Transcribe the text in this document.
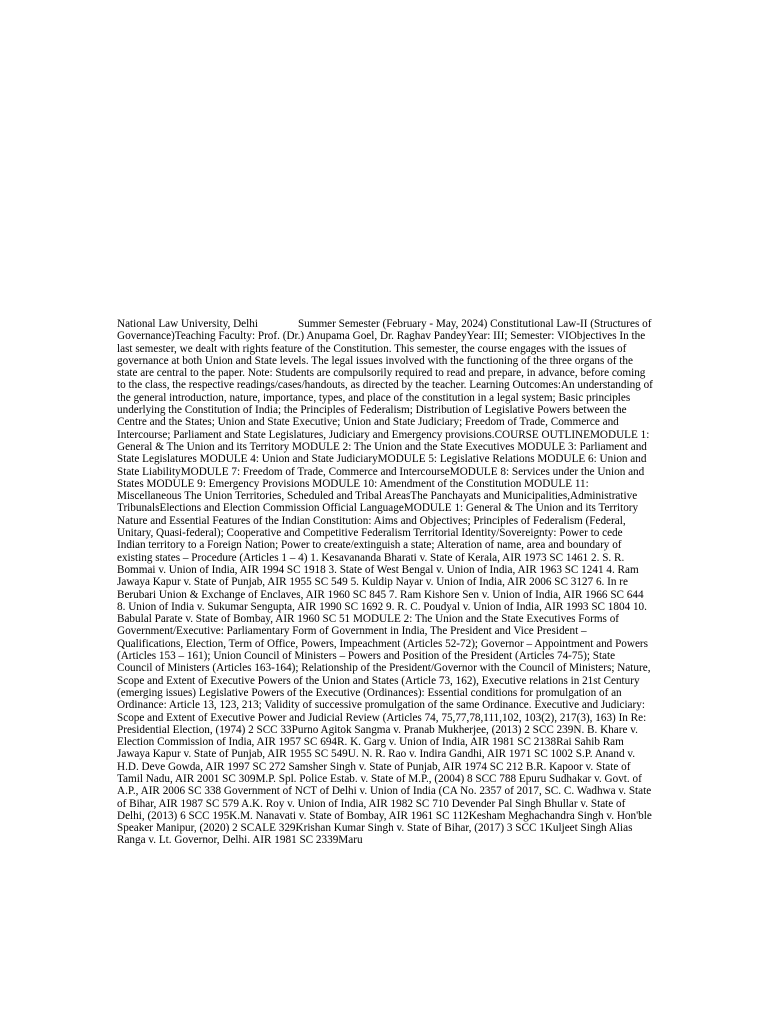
National Law University, Delhi	Summer Semester (February - May, 2024) Constitutional Law-II (Structures of Governance)Teaching Faculty: Prof. (Dr.) Anupama Goel, Dr. Raghav PandeyYear: III; Semester: VIObjectives In the last semester, we dealt with rights feature of the Constitution. This semester, the course engages with the issues of governance at both Union and State levels. The legal issues involved with the functioning of the three organs of the state are central to the paper. Note: Students are compulsorily required to read and prepare, in advance, before coming to the class, the respective readings/cases/handouts, as directed by the teacher. Learning Outcomes:An understanding of the general introduction, nature, importance, types, and place of the constitution in a legal system; Basic principles underlying the Constitution of India; the Principles of Federalism; Distribution of Legislative Powers between the Centre and the States; Union and State Executive; Union and State Judiciary; Freedom of Trade, Commerce and Intercourse; Parliament and State Legislatures, Judiciary and Emergency provisions.COURSE OUTLINEMODULE 1: General & The Union and its Territory MODULE 2: The Union and the State Executives MODULE 3: Parliament and State Legislatures MODULE 4: Union and State JudiciaryMODULE 5: Legislative Relations MODULE 6: Union and State LiabilityMODULE 7: Freedom of Trade, Commerce and IntercourseMODULE 8: Services under the Union and States MODULE 9: Emergency Provisions MODULE 10: Amendment of the Constitution MODULE 11: Miscellaneous The Union Territories, Scheduled and Tribal AreasThe Panchayats and Municipalities,Administrative TribunalsElections and Election Commission Official LanguageMODULE 1: General & The Union and its Territory Nature and Essential Features of the Indian Constitution: Aims and Objectives; Principles of Federalism (Federal, Unitary, Quasi-federal); Cooperative and Competitive Federalism Territorial Identity/Sovereignty: Power to cede Indian territory to a Foreign Nation; Power to create/extinguish a state; Alteration of name, area and boundary of existing states – Procedure (Articles 1 – 4) 1. Kesavananda Bharati v. State of Kerala, AIR 1973 SC 1461 2. S. R. Bommai v. Union of India, AIR 1994 SC 1918 3. State of West Bengal v. Union of India, AIR 1963 SC 1241 4. Ram Jawaya Kapur v. State of Punjab, AIR 1955 SC 549 5. Kuldip Nayar v. Union of India, AIR 2006 SC 3127 6. In re Berubari Union & Exchange of Enclaves, AIR 1960 SC 845 7. Ram Kishore Sen v. Union of India, AIR 1966 SC 644 8. Union of India v. Sukumar Sengupta, AIR 1990 SC 1692 9. R. C. Poudyal v. Union of India, AIR 1993 SC 1804 10. Babulal Parate v. State of Bombay, AIR 1960 SC 51 MODULE 2: The Union and the State Executives Forms of Government/Executive: Parliamentary Form of Government in India, The President and Vice President – Qualifications, Election, Term of Office, Powers, Impeachment (Articles 52-72); Governor – Appointment and Powers (Articles 153 – 161); Union Council of Ministers – Powers and Position of the President (Articles 74-75); State Council of Ministers (Articles 163-164); Relationship of the President/Governor with the Council of Ministers; Nature, Scope and Extent of Executive Powers of the Union and States (Article 73, 162), Executive relations in 21st Century (emerging issues) Legislative Powers of the Executive (Ordinances): Essential conditions for promulgation of an Ordinance: Article 13, 123, 213; Validity of successive promulgation of the same Ordinance. Executive and Judiciary: Scope and Extent of Executive Power and Judicial Review (Articles 74, 75,77,78,111,102, 103(2), 217(3), 163) In Re: Presidential Election, (1974) 2 SCC 33Purno Agitok Sangma v. Pranab Mukherjee, (2013) 2 SCC 239N. B. Khare v. Election Commission of India, AIR 1957 SC 694R. K. Garg v. Union of India, AIR 1981 SC 2138Rai Sahib Ram Jawaya Kapur v. State of Punjab, AIR 1955 SC 549U. N. R. Rao v. Indira Gandhi, AIR 1971 SC 1002 S.P. Anand v. H.D. Deve Gowda, AIR 1997 SC 272 Samsher Singh v. State of Punjab, AIR 1974 SC 212 B.R. Kapoor v. State of Tamil Nadu, AIR 2001 SC 309M.P. Spl. Police Estab. v. State of M.P., (2004) 8 SCC 788 Epuru Sudhakar v. Govt. of A.P., AIR 2006 SC 338 Government of NCT of Delhi v. Union of India (CA No. 2357 of 2017, SC. C. Wadhwa v. State of Bihar, AIR 1987 SC 579 A.K. Roy v. Union of India, AIR 1982 SC 710 Devender Pal Singh Bhullar v. State of Delhi, (2013) 6 SCC 195K.M. Nanavati v. State of Bombay, AIR 1961 SC 112Kesham Meghachandra Singh v. Hon'ble Speaker Manipur, (2020) 2 SCALE 329Krishan Kumar Singh v. State of Bihar, (2017) 3 SCC 1Kuljeet Singh Alias Ranga v. Lt. Governor, Delhi. AIR 1981 SC 2339Maru
